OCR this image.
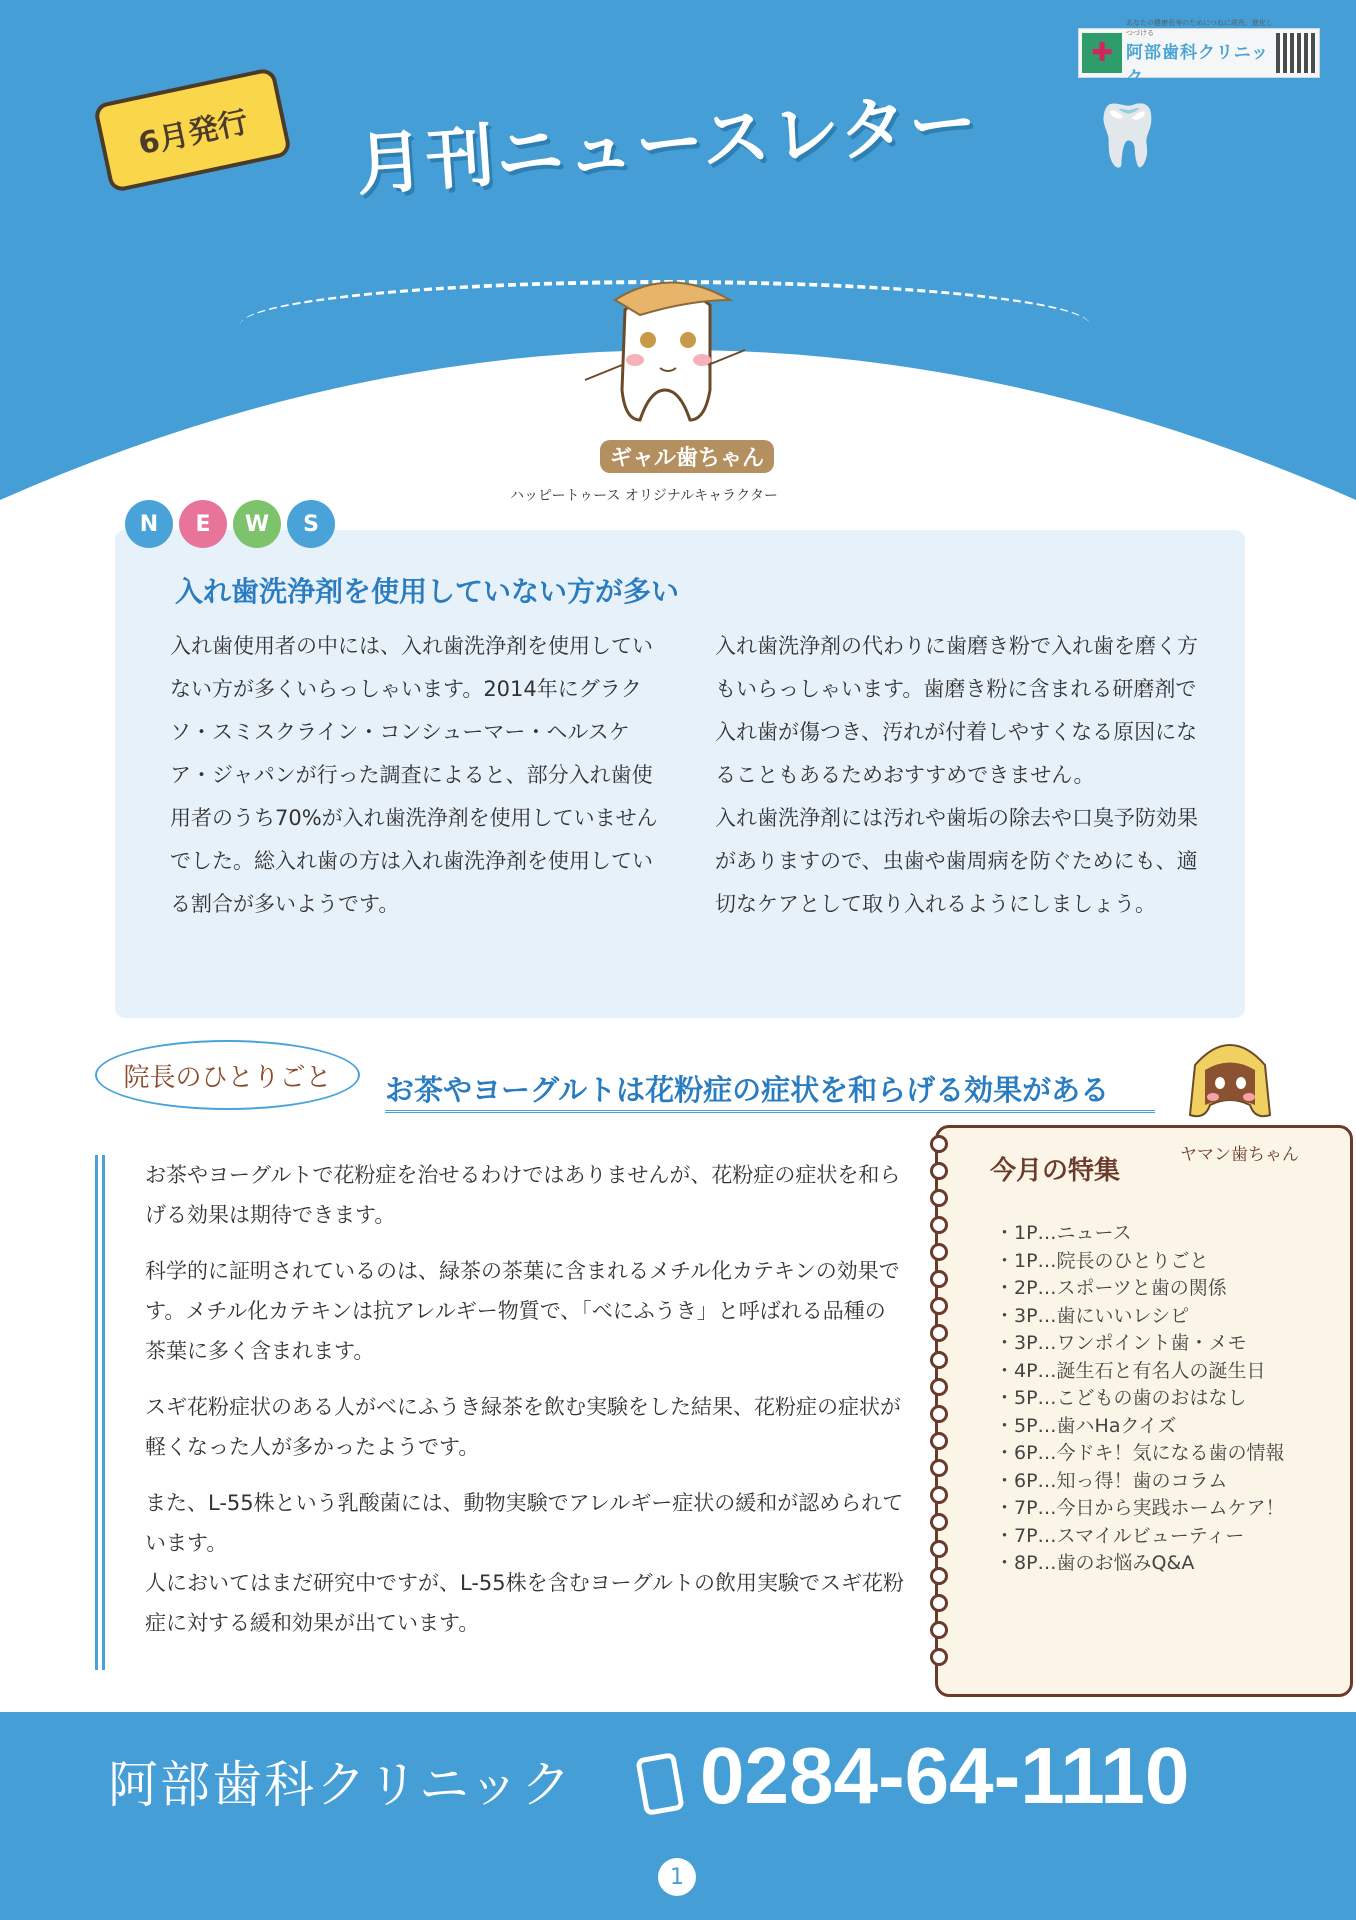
✚
あなたの健康長寿のためにつねに成長、進化しつづける
阿部歯科クリニック
6月発行	月刊ニュースレター 🦷
ギャル歯ちゃん
ハッピートゥース オリジナルキャラクター
N	E	W	S
入れ歯洗浄剤を使用していない方が多い
入れ歯使用者の中には、入れ歯洗浄剤を使用していない方が多くいらっしゃいます。2014年にグラクソ・スミスクライン・コンシューマー・ヘルスケア・ジャパンが行った調査によると、部分入れ歯使用者のうち70%が入れ歯洗浄剤を使用していませんでした。総入れ歯の方は入れ歯洗浄剤を使用している割合が多いようです。
入れ歯洗浄剤の代わりに歯磨き粉で入れ歯を磨く方もいらっしゃいます。歯磨き粉に含まれる研磨剤で入れ歯が傷つき、汚れが付着しやすくなる原因になることもあるためおすすめできません。
入れ歯洗浄剤には汚れや歯垢の除去や口臭予防効果がありますので、虫歯や歯周病を防ぐためにも、適切なケアとして取り入れるようにしましょう。
院長のひとりごと	お茶やヨーグルトは花粉症の症状を和らげる効果がある

お茶やヨーグルトで花粉症を治せるわけではありませんが、花粉症の症状を和らげる効果は期待できます。

科学的に証明されているのは、緑茶の茶葉に含まれるメチル化カテキンの効果です。メチル化カテキンは抗アレルギー物質で、「べにふうき」と呼ばれる品種の茶葉に多く含まれます。

スギ花粉症状のある人がべにふうき緑茶を飲む実験をした結果、花粉症の症状が軽くなった人が多かったようです。

また、L-55株という乳酸菌には、動物実験でアレルギー症状の緩和が認められています。
人においてはまだ研究中ですが、L-55株を含むヨーグルトの飲用実験でスギ花粉症に対する緩和効果が出ています。

ヤマン歯ちゃん
今月の特集
・1P…ニュース
・1P…院長のひとりごと
・2P…スポーツと歯の関係
・3P…歯にいいレシピ
・3P…ワンポイント歯・メモ
・4P…誕生石と有名人の誕生日
・5P…こどもの歯のおはなし
・5P…歯ハHaクイズ
・6P…今ドキ！気になる歯の情報
・6P…知っ得！歯のコラム
・7P…今日から実践ホームケア！
・7P…スマイルビューティー
・8P…歯のお悩みQ&A
阿部歯科クリニック 0284-64-1110
1
